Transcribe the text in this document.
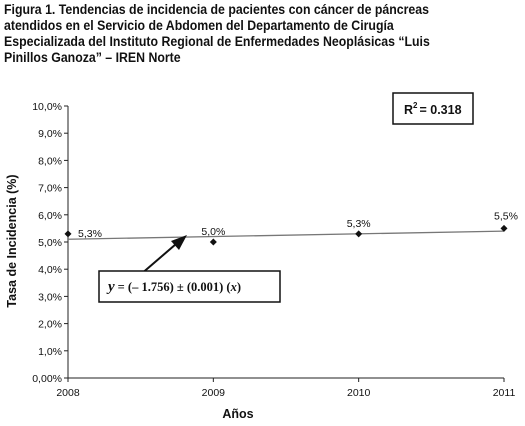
Figura 1. Tendencias de incidencia de pacientes con cáncer de páncreas
atendidos en el Servicio de Abdomen del Departamento de Cirugía
Especializada del Instituto Regional de Enfermedades Neoplásicas “Luis
Pinillos Ganoza” – IREN Norte
0,00%
1,0%
2,0%
3,0%
4,0%
5,0%
6,0%
7,0%
8,0%
9,0%
10,0%
2008	2009	2010	2011
5,3%	5,0%
5,3%
5,5%
Tasa de Incidencia (%)
Años
$R^2 = 0.318$
y = (– 1.756) ± (0.001) (x)
